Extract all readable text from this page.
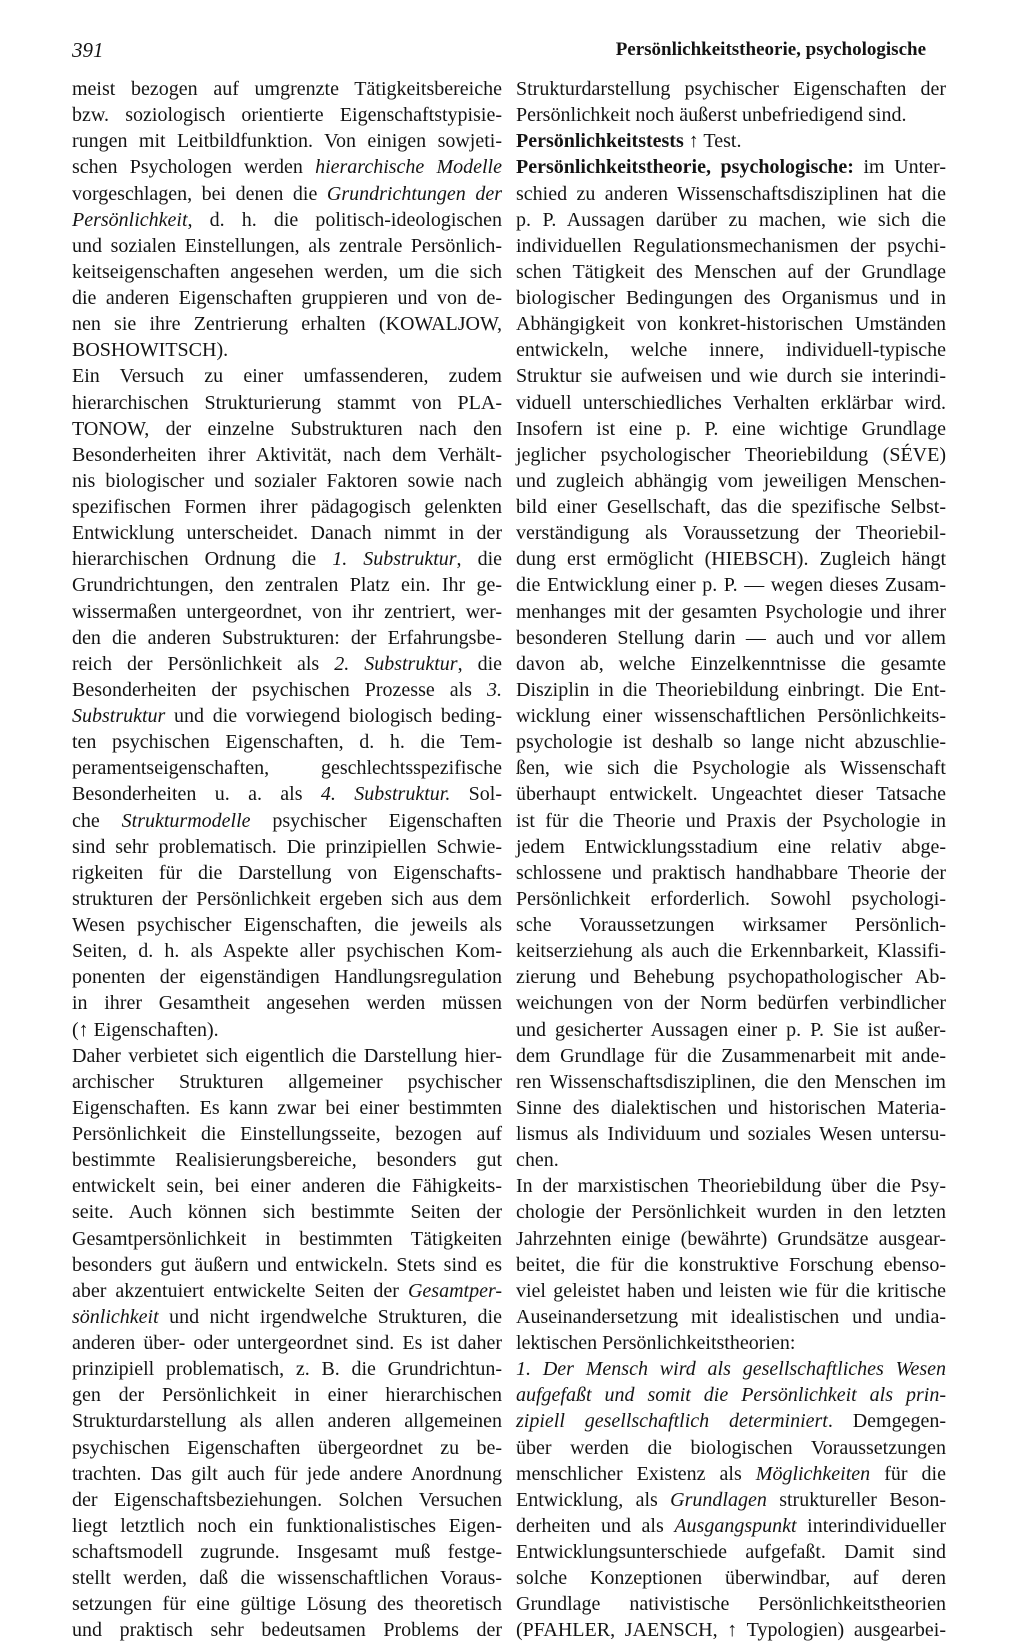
391	Persönlichkeitstheorie, psychologische
meist bezogen auf umgrenzte Tätigkeitsbereiche
bzw. soziologisch orientierte Eigenschaftstypisie-
rungen mit Leitbildfunktion. Von einigen sowjeti-
schen Psychologen werden hierarchische Modelle
vorgeschlagen, bei denen die Grundrichtungen der
Persönlichkeit, d. h. die politisch-ideologischen
und sozialen Einstellungen, als zentrale Persönlich-
keitseigenschaften angesehen werden, um die sich
die anderen Eigenschaften gruppieren und von de-
nen sie ihre Zentrierung erhalten (KOWALJOW,
BOSHOWITSCH).
Ein Versuch zu einer umfassenderen, zudem
hierarchischen Strukturierung stammt von PLA-
TONOW, der einzelne Substrukturen nach den
Besonderheiten ihrer Aktivität, nach dem Verhält-
nis biologischer und sozialer Faktoren sowie nach
spezifischen Formen ihrer pädagogisch gelenkten
Entwicklung unterscheidet. Danach nimmt in der
hierarchischen Ordnung die 1. Substruktur, die
Grundrichtungen, den zentralen Platz ein. Ihr ge-
wissermaßen untergeordnet, von ihr zentriert, wer-
den die anderen Substrukturen: der Erfahrungsbe-
reich der Persönlichkeit als 2. Substruktur, die
Besonderheiten der psychischen Prozesse als 3.
Substruktur und die vorwiegend biologisch beding-
ten psychischen Eigenschaften, d. h. die Tem-
peramentseigenschaften, geschlechtsspezifische
Besonderheiten u. a. als 4. Substruktur. Sol-
che Strukturmodelle psychischer Eigenschaften
sind sehr problematisch. Die prinzipiellen Schwie-
rigkeiten für die Darstellung von Eigenschafts-
strukturen der Persönlichkeit ergeben sich aus dem
Wesen psychischer Eigenschaften, die jeweils als
Seiten, d. h. als Aspekte aller psychischen Kom-
ponenten der eigenständigen Handlungsregulation
in ihrer Gesamtheit angesehen werden müssen
(↑ Eigenschaften).
Daher verbietet sich eigentlich die Darstellung hier-
archischer Strukturen allgemeiner psychischer
Eigenschaften. Es kann zwar bei einer bestimmten
Persönlichkeit die Einstellungsseite, bezogen auf
bestimmte Realisierungsbereiche, besonders gut
entwickelt sein, bei einer anderen die Fähigkeits-
seite. Auch können sich bestimmte Seiten der
Gesamtpersönlichkeit in bestimmten Tätigkeiten
besonders gut äußern und entwickeln. Stets sind es
aber akzentuiert entwickelte Seiten der Gesamtper-
sönlichkeit und nicht irgendwelche Strukturen, die
anderen über- oder untergeordnet sind. Es ist daher
prinzipiell problematisch, z. B. die Grundrichtun-
gen der Persönlichkeit in einer hierarchischen
Strukturdarstellung als allen anderen allgemeinen
psychischen Eigenschaften übergeordnet zu be-
trachten. Das gilt auch für jede andere Anordnung
der Eigenschaftsbeziehungen. Solchen Versuchen
liegt letztlich noch ein funktionalistisches Eigen-
schaftsmodell zugrunde. Insgesamt muß festge-
stellt werden, daß die wissenschaftlichen Voraus-
setzungen für eine gültige Lösung des theoretisch
und praktisch sehr bedeutsamen Problems der
Strukturdarstellung psychischer Eigenschaften der
Persönlichkeit noch äußerst unbefriedigend sind.
Persönlichkeitstests ↑ Test.
Persönlichkeitstheorie, psychologische: im Unter-
schied zu anderen Wissenschaftsdisziplinen hat die
p. P. Aussagen darüber zu machen, wie sich die
individuellen Regulationsmechanismen der psychi-
schen Tätigkeit des Menschen auf der Grundlage
biologischer Bedingungen des Organismus und in
Abhängigkeit von konkret-historischen Umständen
entwickeln, welche innere, individuell-typische
Struktur sie aufweisen und wie durch sie interindi-
viduell unterschiedliches Verhalten erklärbar wird.
Insofern ist eine p. P. eine wichtige Grundlage
jeglicher psychologischer Theoriebildung (SÉVE)
und zugleich abhängig vom jeweiligen Menschen-
bild einer Gesellschaft, das die spezifische Selbst-
verständigung als Voraussetzung der Theoriebil-
dung erst ermöglicht (HIEBSCH). Zugleich hängt
die Entwicklung einer p. P. — wegen dieses Zusam-
menhanges mit der gesamten Psychologie und ihrer
besonderen Stellung darin — auch und vor allem
davon ab, welche Einzelkenntnisse die gesamte
Disziplin in die Theoriebildung einbringt. Die Ent-
wicklung einer wissenschaftlichen Persönlichkeits-
psychologie ist deshalb so lange nicht abzuschlie-
ßen, wie sich die Psychologie als Wissenschaft
überhaupt entwickelt. Ungeachtet dieser Tatsache
ist für die Theorie und Praxis der Psychologie in
jedem Entwicklungsstadium eine relativ abge-
schlossene und praktisch handhabbare Theorie der
Persönlichkeit erforderlich. Sowohl psychologi-
sche Voraussetzungen wirksamer Persönlich-
keitserziehung als auch die Erkennbarkeit, Klassifi-
zierung und Behebung psychopathologischer Ab-
weichungen von der Norm bedürfen verbindlicher
und gesicherter Aussagen einer p. P. Sie ist außer-
dem Grundlage für die Zusammenarbeit mit ande-
ren Wissenschaftsdisziplinen, die den Menschen im
Sinne des dialektischen und historischen Materia-
lismus als Individuum und soziales Wesen untersu-
chen.
In der marxistischen Theoriebildung über die Psy-
chologie der Persönlichkeit wurden in den letzten
Jahrzehnten einige (bewährte) Grundsätze ausgear-
beitet, die für die konstruktive Forschung ebenso-
viel geleistet haben und leisten wie für die kritische
Auseinandersetzung mit idealistischen und undia-
lektischen Persönlichkeitstheorien:
1. Der Mensch wird als gesellschaftliches Wesen
aufgefaßt und somit die Persönlichkeit als prin-
zipiell gesellschaftlich determiniert. Demgegen-
über werden die biologischen Voraussetzungen
menschlicher Existenz als Möglichkeiten für die
Entwicklung, als Grundlagen struktureller Beson-
derheiten und als Ausgangspunkt interindividueller
Entwicklungsunterschiede aufgefaßt. Damit sind
solche Konzeptionen überwindbar, auf deren
Grundlage nativistische Persönlichkeitstheorien
(PFAHLER, JAENSCH, ↑ Typologien) ausgearbei-
